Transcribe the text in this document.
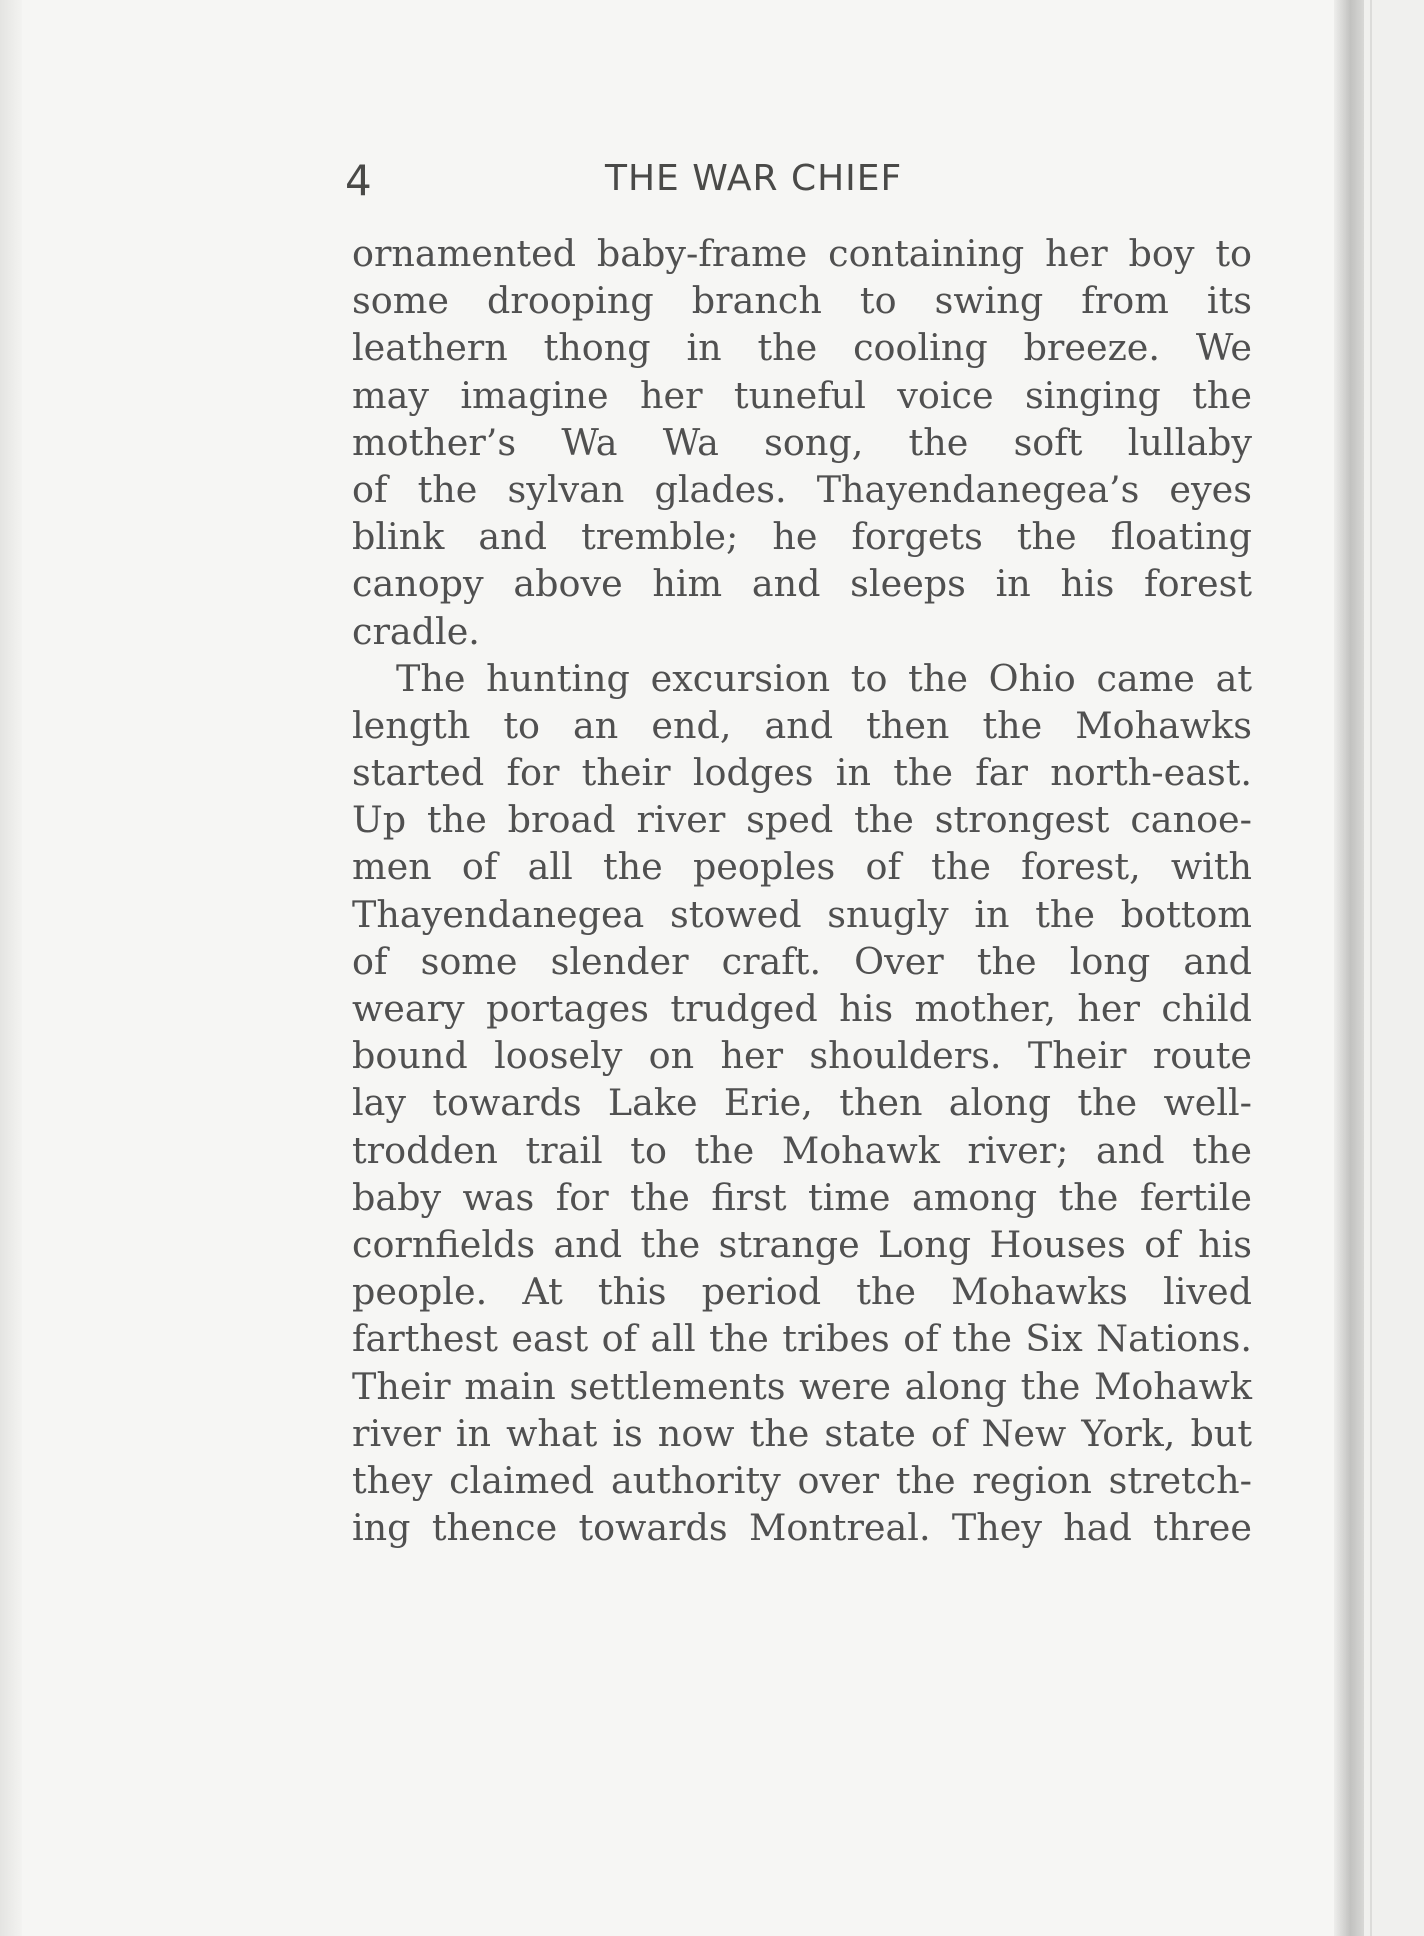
4	THE WAR CHIEF
ornamented baby-frame containing her boy to
some drooping branch to swing from its
leathern thong in the cooling breeze. We
may imagine her tuneful voice singing the
mother’s Wa Wa song, the soft lullaby
of the sylvan glades. Thayendanegea’s eyes
blink and tremble; he forgets the floating
canopy above him and sleeps in his forest
cradle.
The hunting excursion to the Ohio came at
length to an end, and then the Mohawks
started for their lodges in the far north-east.
Up the broad river sped the strongest canoe-
men of all the peoples of the forest, with
Thayendanegea stowed snugly in the bottom
of some slender craft. Over the long and
weary portages trudged his mother, her child
bound loosely on her shoulders. Their route
lay towards Lake Erie, then along the well-
trodden trail to the Mohawk river; and the
baby was for the first time among the fertile
cornfields and the strange Long Houses of his
people. At this period the Mohawks lived
farthest east of all the tribes of the Six Nations.
Their main settlements were along the Mohawk
river in what is now the state of New York, but
they claimed authority over the region stretch-
ing thence towards Montreal. They had three
